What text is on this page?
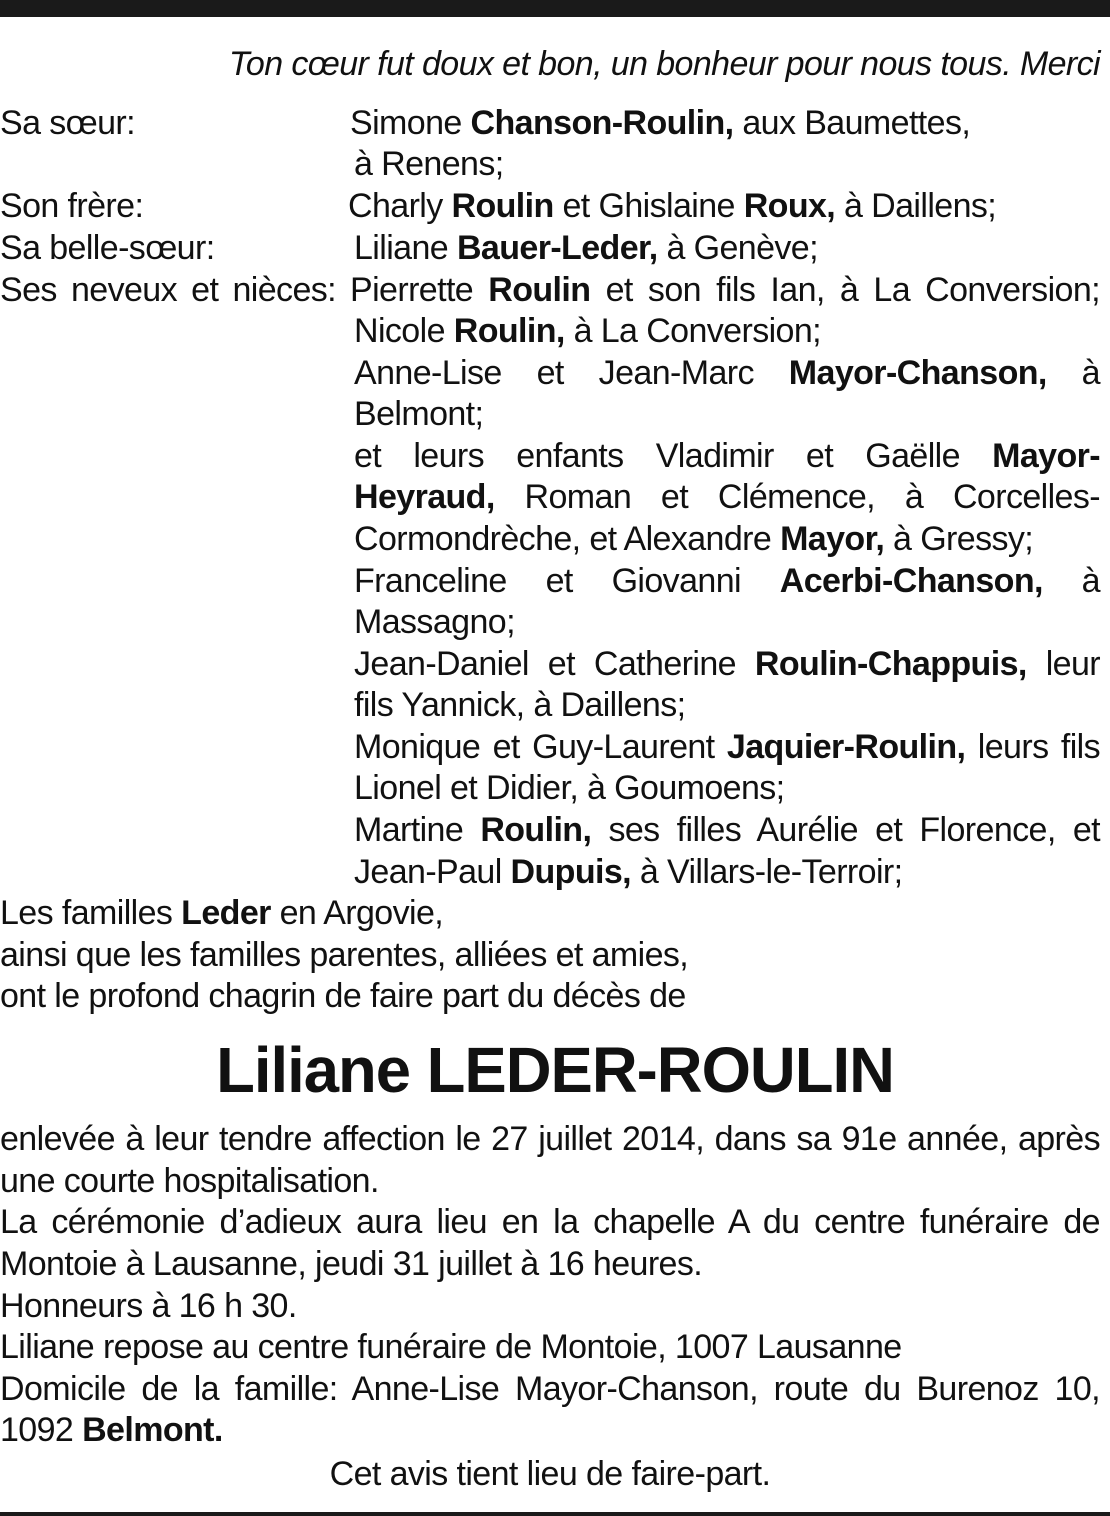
Ton cœur fut doux et bon, un bonheur pour nous tous. Merci
Sa sœur:	Simone Chanson-Roulin, aux Baumettes,
à Renens;
Son frère:	Charly Roulin et Ghislaine Roux, à Daillens;
Sa belle-sœur:	Liliane Bauer-Leder, à Genève;
Ses neveux et nièces: Pierrette Roulin et son fils Ian, à La Conversion;
Nicole Roulin, à La Conversion;
Anne-Lise et Jean-Marc Mayor-Chanson, à
Belmont;
et leurs enfants Vladimir et Gaëlle Mayor-
Heyraud, Roman et Clémence, à Corcelles-
Cormondrèche, et Alexandre Mayor, à Gressy;
Franceline et Giovanni Acerbi-Chanson, à
Massagno;
Jean-Daniel et Catherine Roulin-Chappuis, leur
fils Yannick, à Daillens;
Monique et Guy-Laurent Jaquier-Roulin, leurs fils
Lionel et Didier, à Goumoens;
Martine Roulin, ses filles Aurélie et Florence, et
Jean-Paul Dupuis, à Villars-le-Terroir;
Les familles Leder en Argovie,
ainsi que les familles parentes, alliées et amies,
ont le profond chagrin de faire part du décès de
Liliane LEDER-ROULIN
enlevée à leur tendre affection le 27 juillet 2014, dans sa 91e année, après
une courte hospitalisation.
La cérémonie d’adieux aura lieu en la chapelle A du centre funéraire de
Montoie à Lausanne, jeudi 31 juillet à 16 heures.
Honneurs à 16 h 30.
Liliane repose au centre funéraire de Montoie, 1007 Lausanne
Domicile de la famille: Anne-Lise Mayor-Chanson, route du Burenoz 10,
1092 Belmont.
Cet avis tient lieu de faire-part.
